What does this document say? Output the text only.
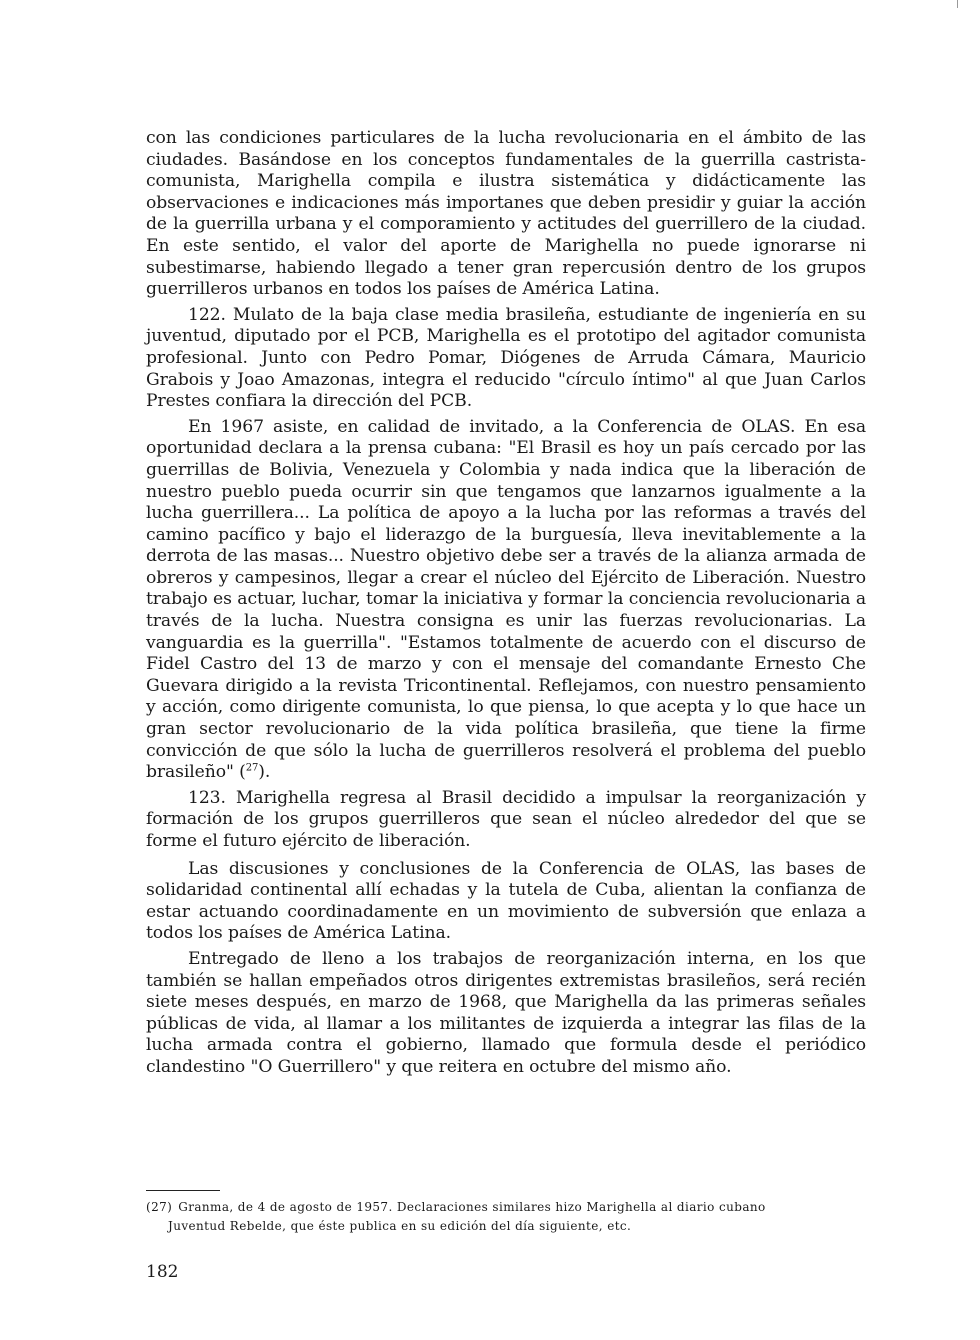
con las condiciones particulares de la lucha revolucionaria en el ámbito de las ciudades. Basándose en los conceptos fundamentales de la guerrilla castrista-comunista, Marighella compila e ilustra sistemática y didácticamente las observaciones e indicaciones más importanes que deben presidir y guiar la acción de la guerrilla urbana y el comporamiento y actitudes del guerrillero de la ciudad. En este sentido, el valor del aporte de Marighella no puede ignorarse ni subestimarse, habiendo llegado a tener gran repercusión dentro de los grupos guerrilleros urbanos en todos los países de América Latina.

122. Mulato de la baja clase media brasileña, estudiante de ingeniería en su juventud, diputado por el PCB, Marighella es el prototipo del agitador comunista profesional. Junto con Pedro Pomar, Diógenes de Arruda Cámara, Mauricio Grabois y Joao Amazonas, integra el reducido "círculo íntimo" al que Juan Carlos Prestes confiara la dirección del PCB.

En 1967 asiste, en calidad de invitado, a la Conferencia de OLAS. En esa oportunidad declara a la prensa cubana: "El Brasil es hoy un país cercado por las guerrillas de Bolivia, Venezuela y Colombia y nada indica que la liberación de nuestro pueblo pueda ocurrir sin que tengamos que lanzarnos igualmente a la lucha guerrillera... La política de apoyo a la lucha por las reformas a través del camino pacífico y bajo el liderazgo de la burguesía, lleva inevitablemente a la derrota de las masas... Nuestro objetivo debe ser a través de la alianza armada de obreros y campesinos, llegar a crear el núcleo del Ejército de Liberación. Nuestro trabajo es actuar, luchar, tomar la iniciativa y formar la conciencia revolucionaria a través de la lucha. Nuestra consigna es unir las fuerzas revolucionarias. La vanguardia es la guerrilla". "Estamos totalmente de acuerdo con el discurso de Fidel Castro del 13 de marzo y con el mensaje del comandante Ernesto Che Guevara dirigido a la revista Tricontinental. Reflejamos, con nuestro pensamiento y acción, como dirigente comunista, lo que piensa, lo que acepta y lo que hace un gran sector revolucionario de la vida política brasileña, que tiene la firme convicción de que sólo la lucha de guerrilleros resolverá el problema del pueblo brasileño" ($^{27}$).

123. Marighella regresa al Brasil decidido a impulsar la reorganización y formación de los grupos guerrilleros que sean el núcleo alrededor del que se forme el futuro ejército de liberación.

Las discusiones y conclusiones de la Conferencia de OLAS, las bases de solidaridad continental allí echadas y la tutela de Cuba, alientan la confianza de estar actuando coordinadamente en un movimiento de subversión que enlaza a todos los países de América Latina.

Entregado de lleno a los trabajos de reorganización interna, en los que también se hallan empeñados otros dirigentes extremistas brasileños, será recién siete meses después, en marzo de 1968, que Marighella da las primeras señales públicas de vida, al llamar a los militantes de izquierda a integrar las filas de la lucha armada contra el gobierno, llamado que formula desde el periódico clandestino "O Guerrillero" y que reitera en octubre del mismo año.

(27) Granma, de 4 de agosto de 1957. Declaraciones similares hizo Marighella al diario cubano
Juventud Rebelde, que éste publica en su edición del día siguiente, etc.
182
